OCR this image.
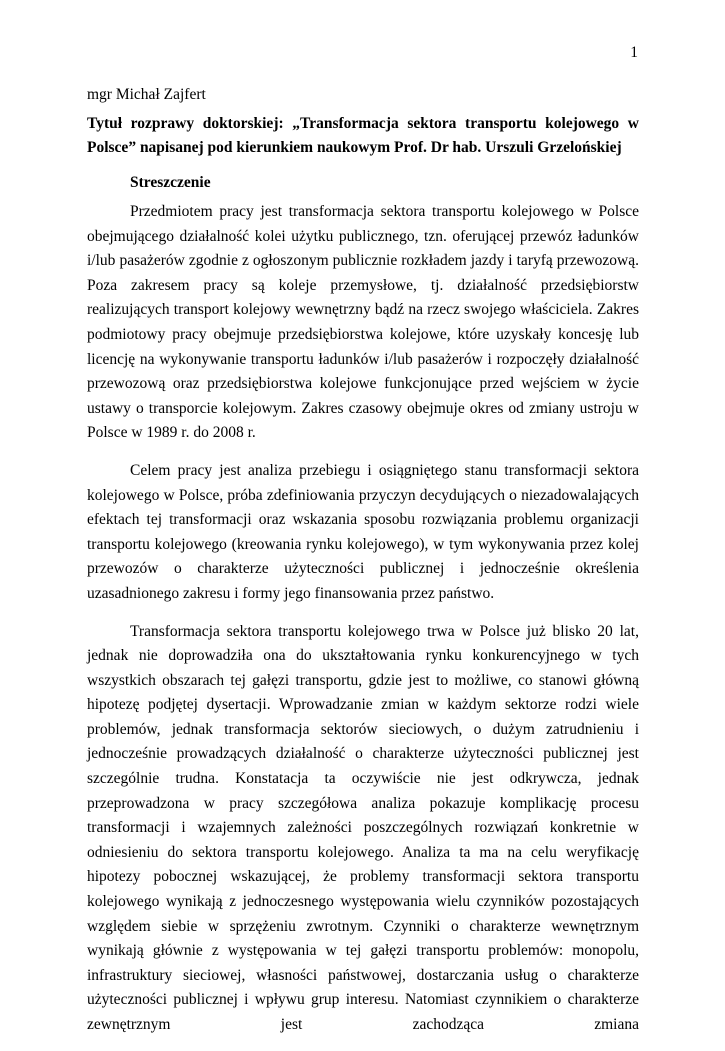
1
mgr Michał Zajfert
Tytuł rozprawy doktorskiej: „Transformacja sektora transportu kolejowego w Polsce” napisanej pod kierunkiem naukowym Prof. Dr hab. Urszuli Grzelońskiej
Streszczenie

Przedmiotem pracy jest transformacja sektora transportu kolejowego w Polsce obejmującego działalność kolei użytku publicznego, tzn. oferującej przewóz ładunków i/lub pasażerów zgodnie z ogłoszonym publicznie rozkładem jazdy i taryfą przewozową. Poza zakresem pracy są koleje przemysłowe, tj. działalność przedsiębiorstw realizujących transport kolejowy wewnętrzny bądź na rzecz swojego właściciela. Zakres podmiotowy pracy obejmuje przedsiębiorstwa kolejowe, które uzyskały koncesję lub licencję na wykonywanie transportu ładunków i/lub pasażerów i rozpoczęły działalność przewozową oraz przedsiębiorstwa kolejowe funkcjonujące przed wejściem w życie ustawy o transporcie kolejowym. Zakres czasowy obejmuje okres od zmiany ustroju w Polsce w 1989 r. do 2008 r.

Celem pracy jest analiza przebiegu i osiągniętego stanu transformacji sektora kolejowego w Polsce, próba zdefiniowania przyczyn decydujących o niezadowalających efektach tej transformacji oraz wskazania sposobu rozwiązania problemu organizacji transportu kolejowego (kreowania rynku kolejowego), w tym wykonywania przez kolej przewozów o charakterze użyteczności publicznej i jednocześnie określenia uzasadnionego zakresu i formy jego finansowania przez państwo.

Transformacja sektora transportu kolejowego trwa w Polsce już blisko 20 lat, jednak nie doprowadziła ona do ukształtowania rynku konkurencyjnego w tych wszystkich obszarach tej gałęzi transportu, gdzie jest to możliwe, co stanowi główną hipotezę podjętej dysertacji. Wprowadzanie zmian w każdym sektorze rodzi wiele problemów, jednak transformacja sektorów sieciowych, o dużym zatrudnieniu i jednocześnie prowadzących działalność o charakterze użyteczności publicznej jest szczególnie trudna. Konstatacja ta oczywiście nie jest odkrywcza, jednak przeprowadzona w pracy szczegółowa analiza pokazuje komplikację procesu transformacji i wzajemnych zależności poszczególnych rozwiązań konkretnie w odniesieniu do sektora transportu kolejowego. Analiza ta ma na celu weryfikację hipotezy pobocznej wskazującej, że problemy transformacji sektora transportu kolejowego wynikają z jednoczesnego występowania wielu czynników pozostających względem siebie w sprzężeniu zwrotnym. Czynniki o charakterze wewnętrznym wynikają głównie z występowania w tej gałęzi transportu problemów: monopolu, infrastruktury sieciowej, własności państwowej, dostarczania usług o charakterze użyteczności publicznej i wpływu grup interesu. Natomiast czynnikiem o charakterze zewnętrznym jest zachodząca zmiana
